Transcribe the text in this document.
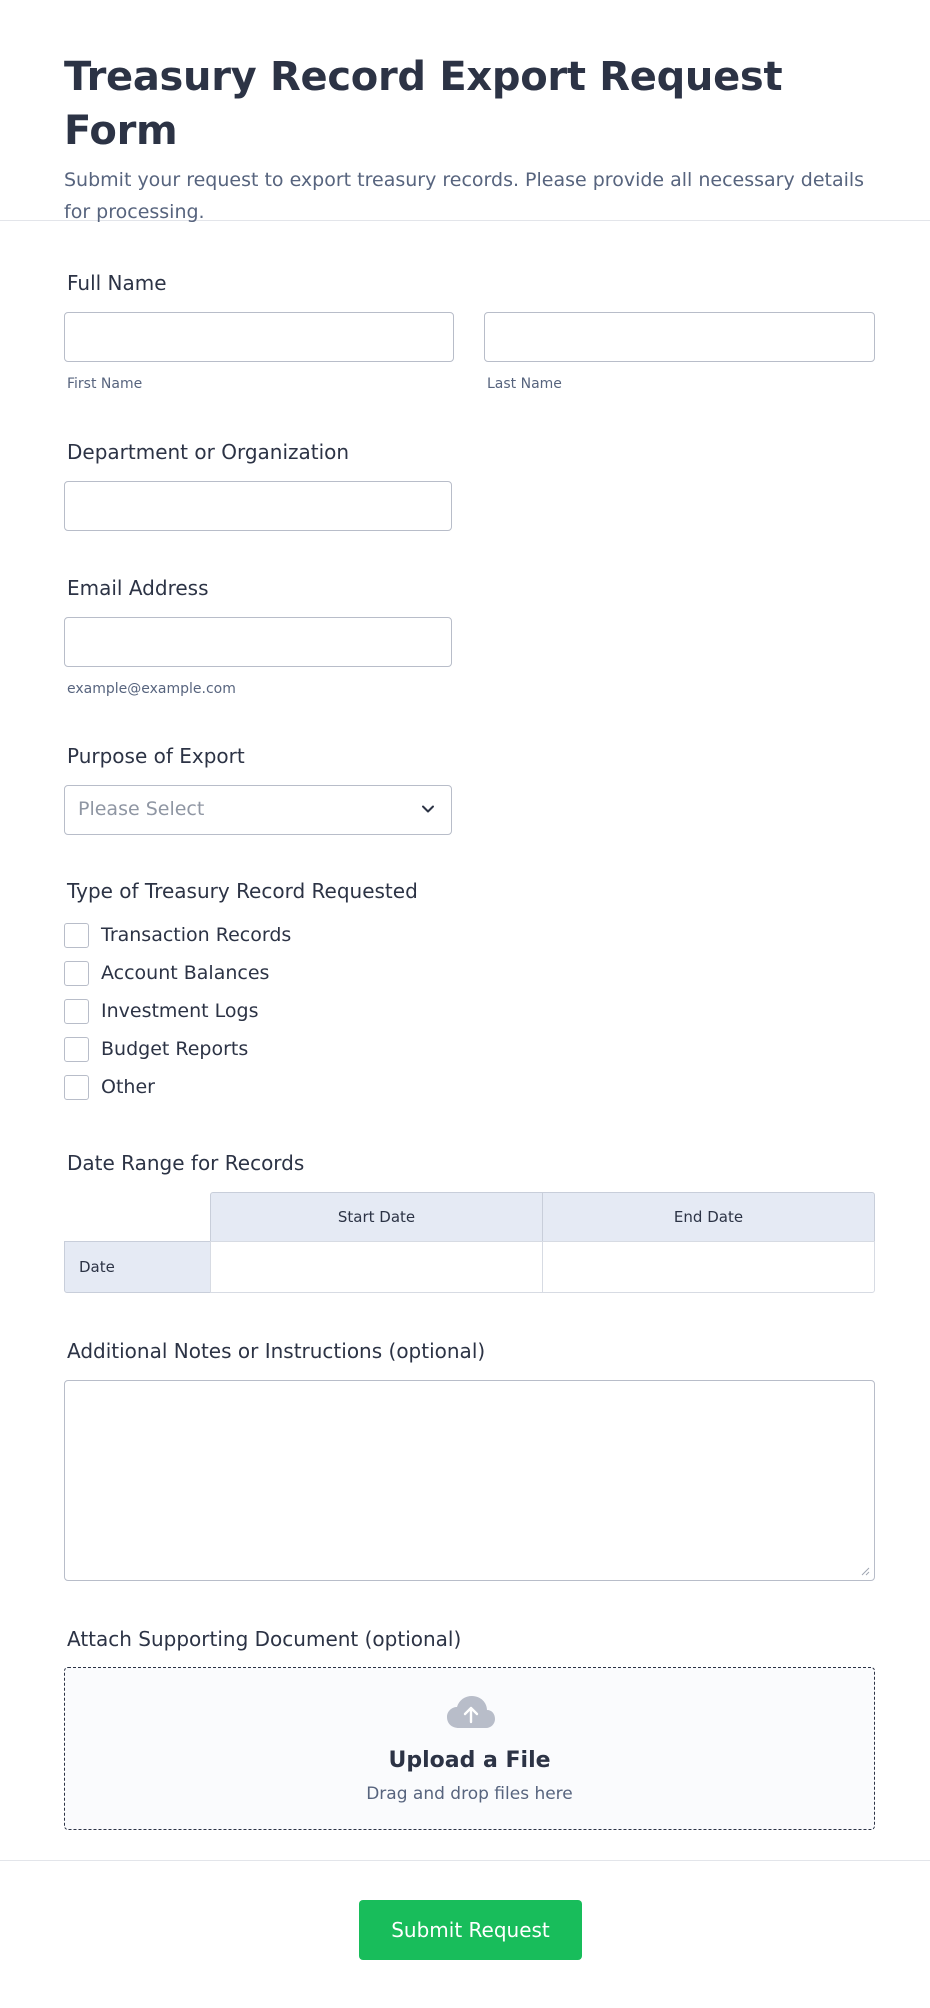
Treasury Record Export Request Form
Submit your request to export treasury records. Please provide all necessary details for processing.
Full Name
First Name	Last Name
Department or Organization
Email Address
example@example.com
Purpose of Export
Please Select
Type of Treasury Record Requested
Transaction Records
Account Balances
Investment Logs
Budget Reports
Other
Date Range for Records
Start Date	End Date
Date
Additional Notes or Instructions (optional)
Attach Supporting Document (optional)
Upload a File
Drag and drop files here
Submit Request
